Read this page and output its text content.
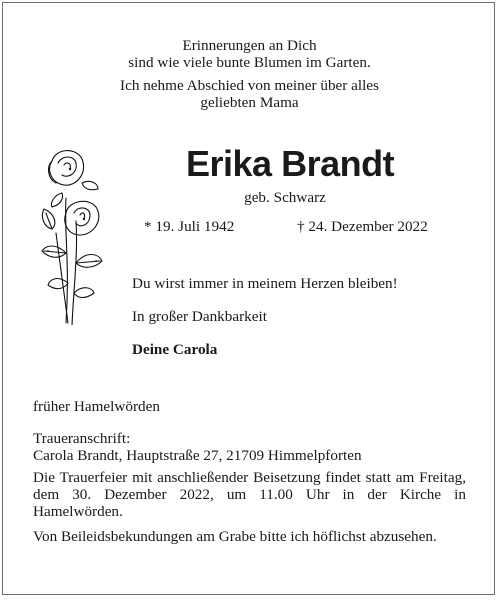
Erinnerungen an Dich
sind wie viele bunte Blumen im Garten.
Ich nehme Abschied von meiner über alles
geliebten Mama
Erika Brandt
geb. Schwarz
* 19. Juli 1942	† 24. Dezember 2022
Du wirst immer in meinem Herzen bleiben!
In großer Dankbarkeit
Deine Carola
früher Hamelwörden
Traueranschrift:
Carola Brandt, Hauptstraße 27, 21709 Himmelpforten
Die Trauerfeier mit anschließender Beisetzung findet statt am Freitag, dem 30. Dezember 2022, um 11.00 Uhr in der Kirche in Hamelwörden.
Von Beileidsbekundungen am Grabe bitte ich höflichst abzusehen.
